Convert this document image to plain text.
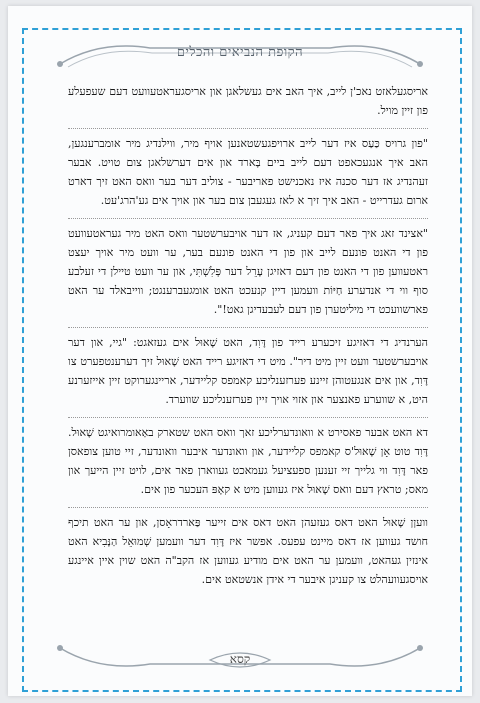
הקופת הנביאים והכלים

אריסגעלאזט נאכ'ן לייב, איך האב אים געשלאגן און אריסגעראטעוועט דעם שעפעלע פון זיין מויל.

"פון גרויס כַּעַס איז דער לייב ארויפגעשטאנען אויף מיר, ווילנדיג מיר אומברענגען, האב איך אנגעכאפט דעם לייב ביים בָּארד און אים דערשלאגן צום טויט. אבער זעהנדיג אז דער סכנה איז נאכנישט פאריבער - צוליב דער בער וואס האט זיך דארט ארום געדרייט - האב איך זיך א לאז געגעבן צום בער און אויך אים גע'הרג'עט.

"אצינד זאג איך פאר דעם קעניג, אז דער אויבערשטער וואס האט מיר געראטעוועט פון די האנט פונעם לייב און פון די האנט פונעם בער, ער וועט מיר אויך יעצט ראטעווען פון די האנט פון דעם דאזיגן עָרֵל דער פְּלִשְׁתִּי, און ער וועט טיילן די זעלבע סוף ווי די אנדערע חַיּוֹת וועמען דיין קנעכט האט אומגעברענגט; ווייבאלד ער האט פארשוועכט די מיליטערן פון דעם לעבעדיגן גאט!".

הערנדיג די דאזיגע זיכערע רייד פון דָּוִד, האט שָׁאוּל אים געזאגט: "גיי, און דער אויבערשטער וועט זיין מיט דיר". מיט די דאזיגע רייד האט שָׁאוּל זיך דערענטפערט צו דָּוִד, און אים אנגעטוהן זיינע פערזענליכע קאמפס קליידער, אריינגערוקט זיין אייזערנע היט, א שווערע פאנצער און אזוי אויך זיין פערזענליכע שווערד.

דא האט אבער פאסירט א וואונדערליכע זאך וואס האט שטארק באַאומרואיגט שָׁאוּל. דָּוִד טוט אָן שָׁאוּל'ס קאמפס קליידער, און וואונדער איבער וואונדער, זיי טוען צופאסן פאר דָּוִד ווי גלייך זיי זענען ספעציעל געמאכט געווארן פאר אים, לויט זיין הייעך און מאס; טראץ דעם וואס שָׁאוּל איז געווען מיט א קאָפּ העכער פון אים.

וועןן שָׁאוּל האט דאס געזעהן האט דאס אים זייער פַּארדראָסן, און ער האט תיכף חושד געווען אז דאס מיינט עפעס. אפשר איז דָּוִד דער וועמען שְׁמוּאֵל הַנָּבִיא האט אינזין געהאט, וועמען ער האט אים מודיע געווען אז הקב"ה האט שוין איין איינגע אויסגעוועהלט צו קעניגן איבער די אידן אנשטאט אים.

קסא
